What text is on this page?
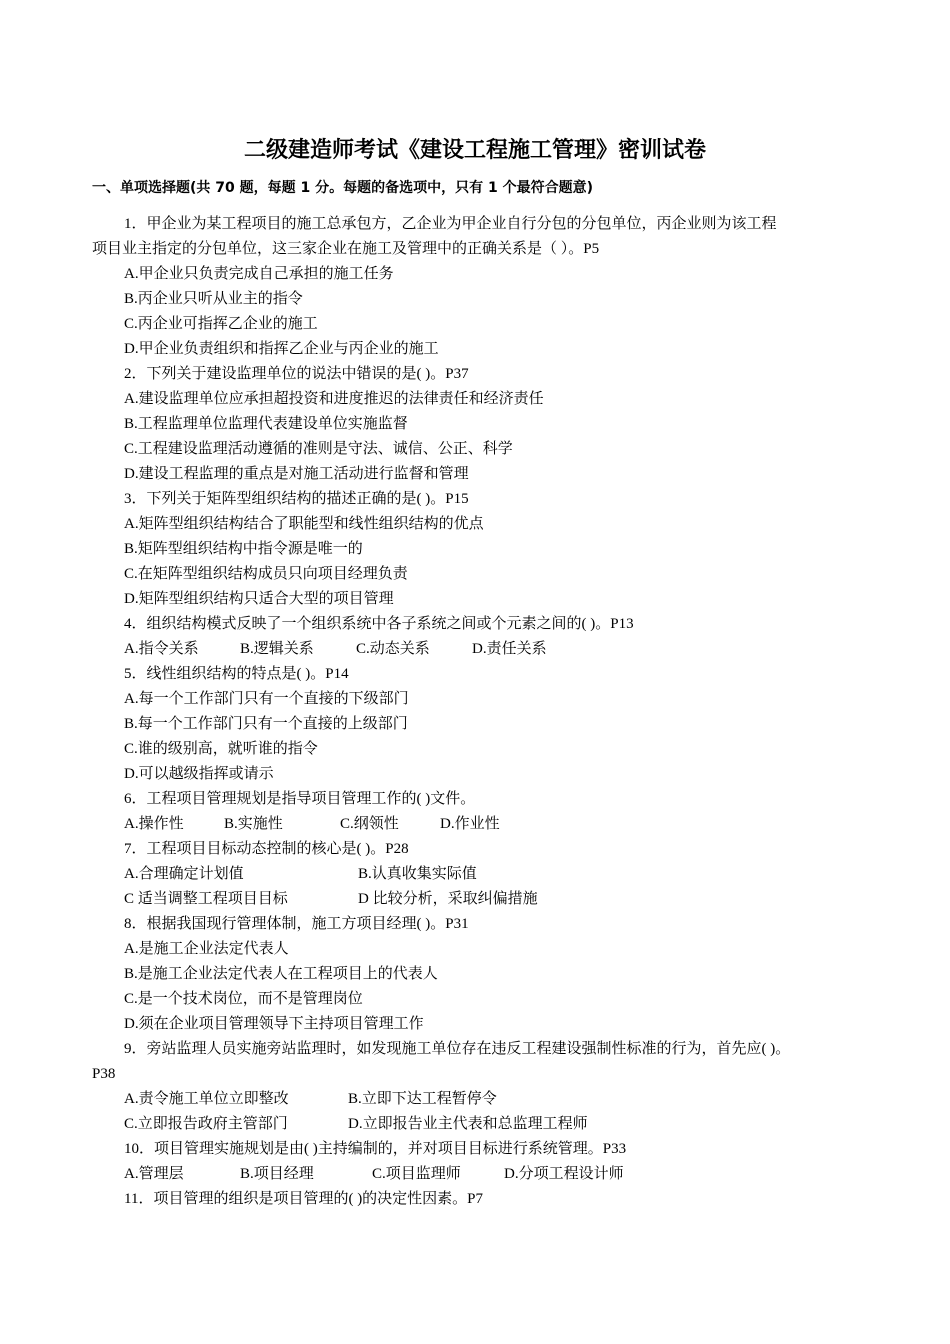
二级建造师考试《建设工程施工管理》密训试卷
一、单项选择题(共 70 题，每题 1 分。每题的备选项中，只有 1 个最符合题意)
1．甲企业为某工程项目的施工总承包方，乙企业为甲企业自行分包的分包单位，丙企业则为该工程
项目业主指定的分包单位，这三家企业在施工及管理中的正确关系是（ ）。P5
A.甲企业只负责完成自己承担的施工任务
B.丙企业只听从业主的指令
C.丙企业可指挥乙企业的施工
D.甲企业负责组织和指挥乙企业与丙企业的施工
2．下列关于建设监理单位的说法中错误的是( )。P37
A.建设监理单位应承担超投资和进度推迟的法律责任和经济责任
B.工程监理单位监理代表建设单位实施监督
C.工程建设监理活动遵循的准则是守法、诚信、公正、科学
D.建设工程监理的重点是对施工活动进行监督和管理
3．下列关于矩阵型组织结构的描述正确的是( )。P15
A.矩阵型组织结构结合了职能型和线性组织结构的优点
B.矩阵型组织结构中指令源是唯一的
C.在矩阵型组织结构成员只向项目经理负责
D.矩阵型组织结构只适合大型的项目管理
4．组织结构模式反映了一个组织系统中各子系统之间或个元素之间的( )。P13
A.指令关系	B.逻辑关系	C.动态关系	D.责任关系
5．线性组织结构的特点是( )。P14
A.每一个工作部门只有一个直接的下级部门
B.每一个工作部门只有一个直接的上级部门
C.谁的级别高，就听谁的指令
D.可以越级指挥或请示
6．工程项目管理规划是指导项目管理工作的( )文件。
A.操作性	B.实施性	C.纲领性	D.作业性
7．工程项目目标动态控制的核心是( )。P28
A.合理确定计划值	B.认真收集实际值
C 适当调整工程项目目标	D 比较分析，采取纠偏措施
8．根据我国现行管理体制，施工方项目经理( )。P31
A.是施工企业法定代表人
B.是施工企业法定代表人在工程项目上的代表人
C.是一个技术岗位，而不是管理岗位
D.须在企业项目管理领导下主持项目管理工作
9．旁站监理人员实施旁站监理时，如发现施工单位存在违反工程建设强制性标准的行为，首先应( )。
P38
A.责令施工单位立即整改	B.立即下达工程暂停令
C.立即报告政府主管部门	D.立即报告业主代表和总监理工程师
10．项目管理实施规划是由( )主持编制的，并对项目目标进行系统管理。P33
A.管理层	B.项目经理	C.项目监理师	D.分项工程设计师
11．项目管理的组织是项目管理的( )的决定性因素。P7
